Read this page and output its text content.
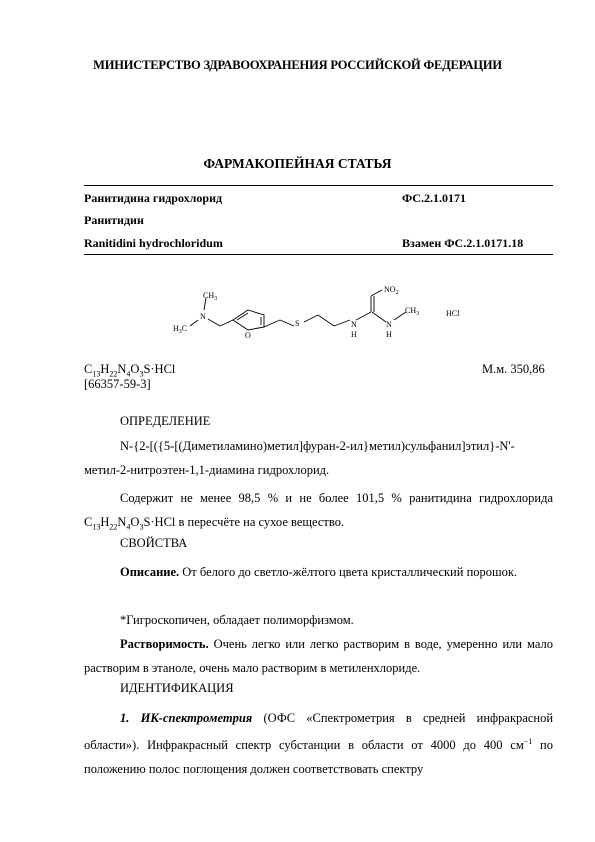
МИНИСТЕРСТВО ЗДРАВООХРАНЕНИЯ РОССИЙСКОЙ ФЕДЕРАЦИИ
ФАРМАКОПЕЙНАЯ СТАТЬЯ
Ранитидина гидрохлорид	ФС.2.1.0171
Ранитидин
Ranitidini hydrochloridum	Взамен ФС.2.1.0171.18
$CH_3$
$H_3C$
N
O
S	N
H
N
H
$NO_2$
$CH_3$	HCl
$C_{13}H_{22}N_4O_3S\cdot HCl$	М.м. 350,86
[66357-59-3]
ОПРЕДЕЛЕНИЕ
N-{2-[({5-[(Диметиламино)метил]фуран-2-ил}метил)сульфанил]этил}-N'-метил-2-нитроэтен-1,1-диамина гидрохлорид.
Содержит не менее 98,5 % и не более 101,5 % ранитидина гидрохлорида $C_{13}H_{22}N_4O_3S\cdot HCl$ в пересчёте на сухое вещество.
СВОЙСТВА
Описание. От белого до светло-жёлтого цвета кристаллический порошок.
*Гигроскопичен, обладает полиморфизмом.
Растворимость. Очень легко или легко растворим в воде, умеренно или мало растворим в этаноле, очень мало растворим в метиленхлориде.
ИДЕНТИФИКАЦИЯ
1. ИК-спектрометрия (ОФС «Спектрометрия в средней инфракрасной области»). Инфракрасный спектр субстанции в области от 4000 до 400 $см^{-1}$ по положению полос поглощения должен соответствовать спектру
